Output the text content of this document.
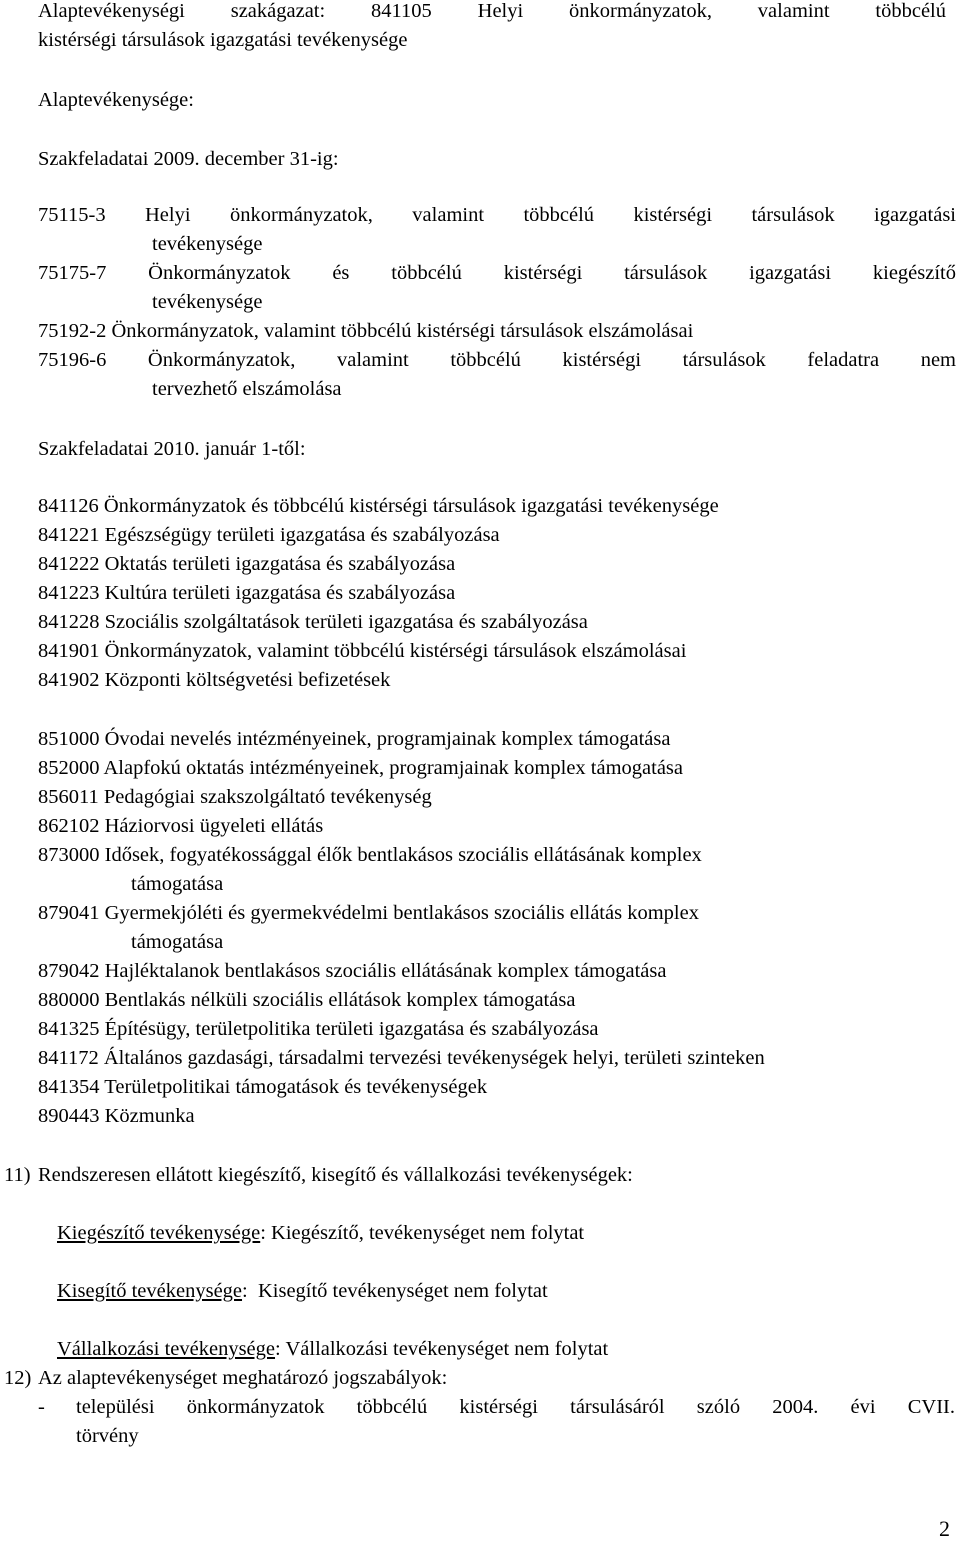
Alaptevékenységi szakágazat: 841105 Helyi önkormányzatok, valamint többcélú
kistérségi társulások igazgatási tevékenysége
Alaptevékenysége:
Szakfeladatai 2009. december 31-ig:
75115-3 Helyi önkormányzatok, valamint többcélú kistérségi társulások igazgatási
tevékenysége
75175-7 Önkormányzatok és többcélú kistérségi társulások igazgatási kiegészítő
tevékenysége
75192-2 Önkormányzatok, valamint többcélú kistérségi társulások elszámolásai
75196-6 Önkormányzatok, valamint többcélú kistérségi társulások feladatra nem
tervezhető elszámolása
Szakfeladatai 2010. január 1-től:
841126 Önkormányzatok és többcélú kistérségi társulások igazgatási tevékenysége
841221 Egészségügy területi igazgatása és szabályozása
841222 Oktatás területi igazgatása és szabályozása
841223 Kultúra területi igazgatása és szabályozása
841228 Szociális szolgáltatások területi igazgatása és szabályozása
841901 Önkormányzatok, valamint többcélú kistérségi társulások elszámolásai
841902 Központi költségvetési befizetések
851000 Óvodai nevelés intézményeinek, programjainak komplex támogatása
852000 Alapfokú oktatás intézményeinek, programjainak komplex támogatása
856011 Pedagógiai szakszolgáltató tevékenység
862102 Háziorvosi ügyeleti ellátás
873000 Idősek, fogyatékossággal élők bentlakásos szociális ellátásának komplex
támogatása
879041 Gyermekjóléti és gyermekvédelmi bentlakásos szociális ellátás komplex
támogatása
879042 Hajléktalanok bentlakásos szociális ellátásának komplex támogatása
880000 Bentlakás nélküli szociális ellátások komplex támogatása
841325 Építésügy, területpolitika területi igazgatása és szabályozása
841172 Általános gazdasági, társadalmi tervezési tevékenységek helyi, területi szinteken
841354 Területpolitikai támogatások és tevékenységek
890443 Közmunka
11) Rendszeresen ellátott kiegészítő, kisegítő és vállalkozási tevékenységek:
Kiegészítő tevékenysége: Kiegészítő, tevékenységet nem folytat
Kisegítő tevékenysége:  Kisegítő tevékenységet nem folytat
Vállalkozási tevékenysége: Vállalkozási tevékenységet nem folytat
12) Az alaptevékenységet meghatározó jogszabályok:
- települési önkormányzatok többcélú kistérségi társulásáról szóló 2004. évi CVII.
törvény
2
